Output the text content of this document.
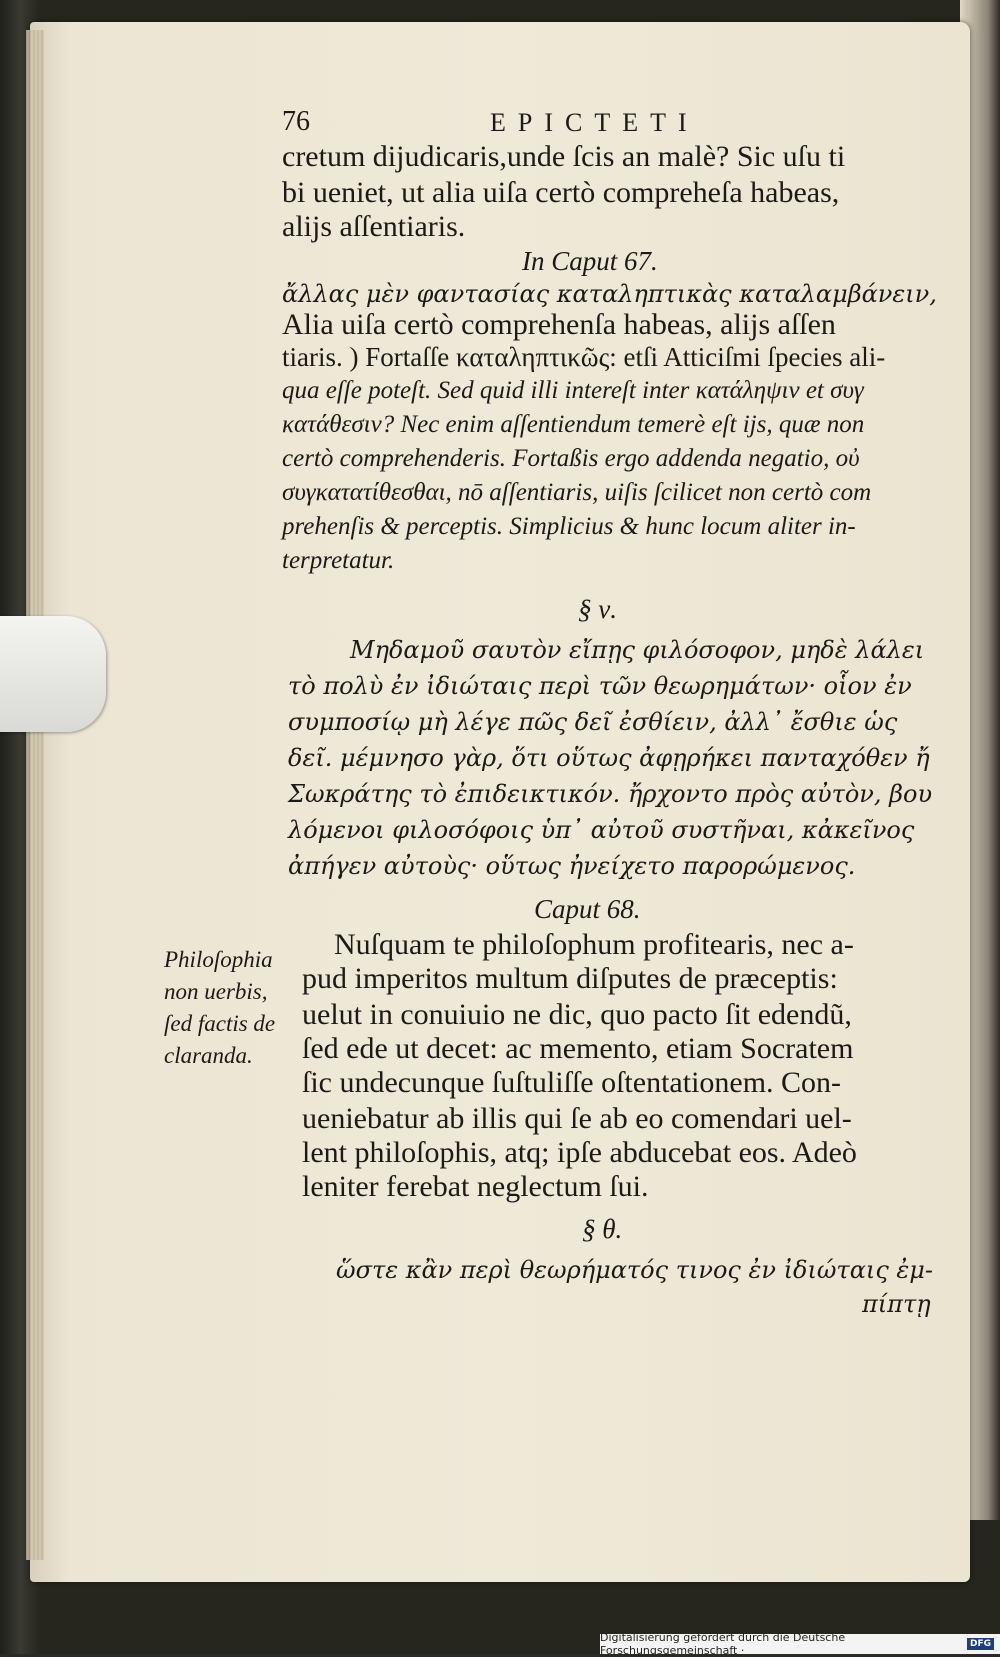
76	EPICTETI
cretum dijudicaris,unde ſcis an malè? Sic uſu ti
bi ueniet, ut alia uiſa certò compreheſa habeas,
alijs aſſentiaris.
In Caput 67.
ἄλλας μὲν φαντασίας καταληπτικὰς καταλαμβάνειν,
Alia uiſa certò comprehenſa habeas, alijs aſſen
tiaris. ) Fortaſſe καταληπτικῶς: etſi Atticiſmi ſpecies ali-
qua eſſe poteſt. Sed quid illi intereſt inter κατάληψιν et συγ
κατάθεσιν? Nec enim aſſentiendum temerè eſt ijs, quæ non
certò comprehenderis. Fortaßis ergo addenda negatio, οὐ
συγκατατίθεσθαι, nō aſſentiaris, uiſis ſcilicet non certò com
prehenſis & perceptis. Simplicius & hunc locum aliter in-
terpretatur.
§ ν.
Μηδαμοῦ σαυτὸν εἴπῃς φιλόσοφον, μηδὲ λάλει
τὸ πολὺ ἐν ἰδιώταις περὶ τῶν θεωρημάτων· οἷον ἐν
συμποσίῳ μὴ λέγε πῶς δεῖ ἐσθίειν, ἀλλ᾽ ἔσθιε ὡς
δεῖ. μέμνησο γὰρ, ὅτι οὕτως ἀφῃρήκει πανταχόθεν ἤ
Σωκράτης τὸ ἐπιδεικτικόν. ἤρχοντο πρὸς αὐτὸν, βου
λόμενοι φιλοσόφοις ὑπ᾽ αὐτοῦ συστῆναι, κἀκεῖνος
ἀπήγεν αὐτοὺς· οὕτως ἠνείχετο παρορώμενος.
Caput 68.
Nuſquam te philoſophum profitearis, nec a-
pud imperitos multum diſputes de præceptis:
uelut in conuiuio ne dic, quo pacto ſit edendũ,
ſed ede ut decet: ac memento, etiam Socratem
ſic undecunque ſuſtuliſſe oſtentationem. Con-
ueniebatur ab illis qui ſe ab eo comendari uel-
lent philoſophis, atq; ipſe abducebat eos. Adeò
leniter ferebat neglectum ſui.
§ θ.
ὥστε κἂν περὶ θεωρήματός τινος ἐν ἰδιώταις ἐμ-
πίπτῃ
Philoſophia
non uerbis,
ſed factis de
claranda.
Digitalisierung gefördert durch die Deutsche Forschungsgemeinschaft ·	DFG
